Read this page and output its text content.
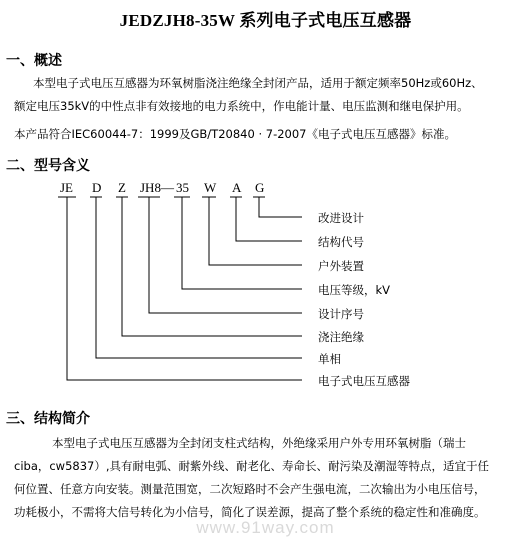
JEDZJH8-35W 系列电子式电压互感器
一、概述
本型电子式电压互感器为环氧树脂浇注绝缘全封闭产品，适用于额定频率50Hz或60Hz、
额定电压35kV的中性点非有效接地的电力系统中，作电能计量、电压监测和继电保护用。
本产品符合IEC60044-7：1999及GB/T20840 · 7-2007《电子式电压互感器》标准。
二、型号含义
JE D Z JH8 — 35 W A G
改进设计
结构代号
户外装置
电压等级，kV
设计序号
浇注绝缘
单相
电子式电压互感器
三、结构简介
本型电子式电压互感器为全封闭支柱式结构，外绝缘采用户外专用环氧树脂（瑞士
ciba，cw5837）,具有耐电弧、耐紫外线、耐老化、寿命长、耐污染及潮湿等特点，适宜于任
何位置、任意方向安装。测量范围宽，二次短路时不会产生强电流，二次输出为小电压信号，
功耗极小，不需将大信号转化为小信号，简化了误差源，提高了整个系统的稳定性和准确度。
www.91way.com
